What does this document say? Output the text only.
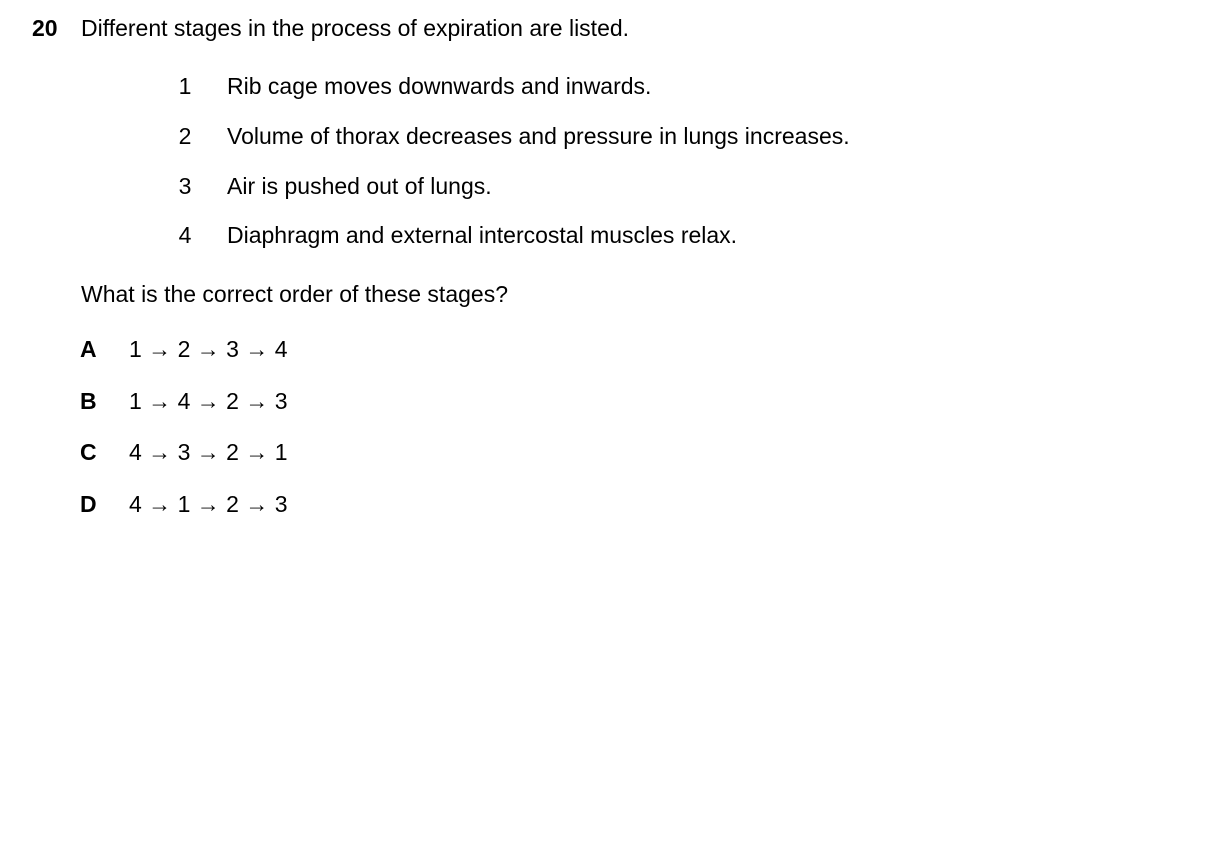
20 Different stages in the process of expiration are listed.
1 Rib cage moves downwards and inwards.
2 Volume of thorax decreases and pressure in lungs increases.
3 Air is pushed out of lungs.
4 Diaphragm and external intercostal muscles relax.
What is the correct order of these stages?
A 1 → 2 → 3 → 4
B 1 → 4 → 2 → 3
C 4 → 3 → 2 → 1
D 4 → 1 → 2 → 3
